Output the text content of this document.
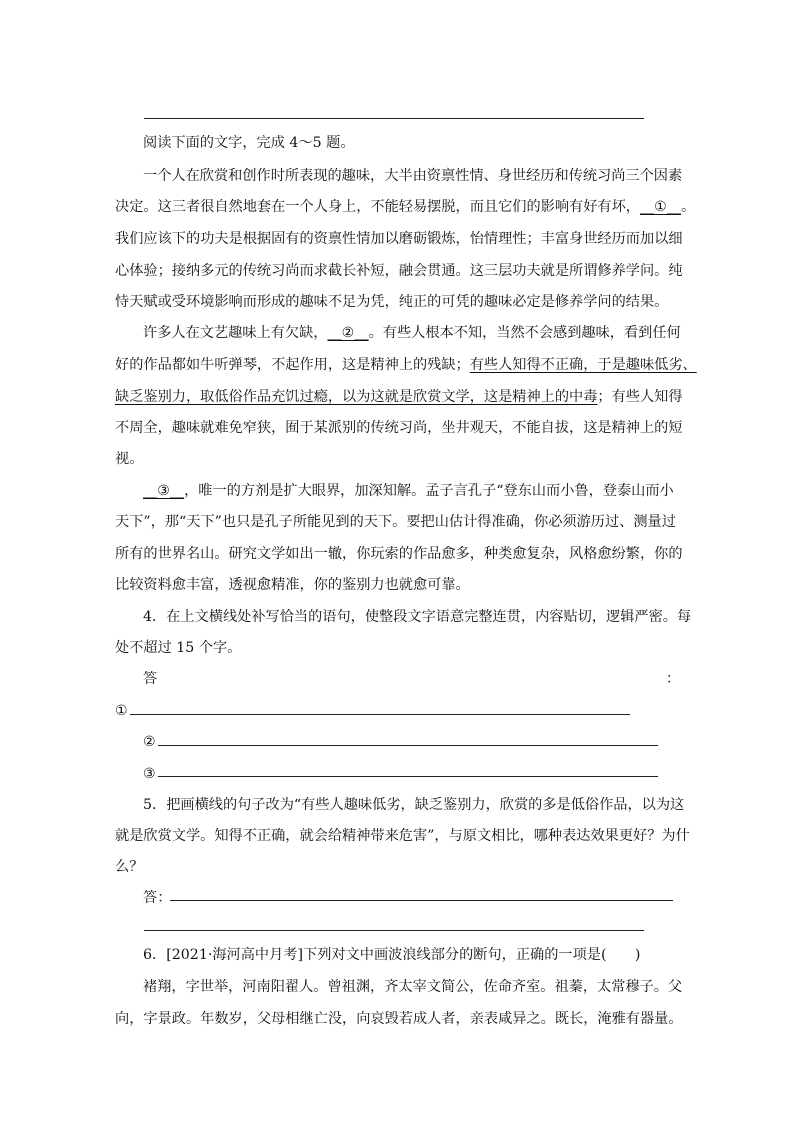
阅读下面的文字，完成 4～5 题。
一个人在欣赏和创作时所表现的趣味，大半由资禀性情、身世经历和传统习尚三个因素
决定。这三者很自然地套在一个人身上，不能轻易摆脱，而且它们的影响有好有坏，__①__。
我们应该下的功夫是根据固有的资禀性情加以磨砺锻炼，怡情理性；丰富身世经历而加以细
心体验；接纳多元的传统习尚而求截长补短，融会贯通。这三层功夫就是所谓修养学问。纯
恃天赋或受环境影响而形成的趣味不足为凭，纯正的可凭的趣味必定是修养学问的结果。
许多人在文艺趣味上有欠缺，__②__。有些人根本不知，当然不会感到趣味，看到任何
好的作品都如牛听弹琴，不起作用，这是精神上的残缺；有些人知得不正确，于是趣味低劣、
缺乏鉴别力，取低俗作品充饥过瘾，以为这就是欣赏文学，这是精神上的中毒；有些人知得
不周全，趣味就难免窄狭，囿于某派别的传统习尚，坐井观天，不能自拔，这是精神上的短
视。
__③__，唯一的方剂是扩大眼界，加深知解。孟子言孔子“登东山而小鲁，登泰山而小
天下”，那“天下”也只是孔子所能见到的天下。要把山估计得准确，你必须游历过、测量过
所有的世界名山。研究文学如出一辙，你玩索的作品愈多，种类愈复杂，风格愈纷繁，你的
比较资料愈丰富，透视愈精准，你的鉴别力也就愈可靠。
4．在上文横线处补写恰当的语句，使整段文字语意完整连贯，内容贴切，逻辑严密。每
处不超过 15 个字。
答	：
①
②
③
5．把画横线的句子改为“有些人趣味低劣，缺乏鉴别力，欣赏的多是低俗作品，以为这
就是欣赏文学。知得不正确，就会给精神带来危害”，与原文相比，哪种表达效果更好？为什
么？
答：
6．[2021·海河高中月考]下列对文中画波浪线部分的断句，正确的一项是(　　)
褚翔，字世举，河南阳翟人。曾祖渊，齐太宰文简公，佐命齐室。祖蓁，太常穆子。父
向，字景政。年数岁，父母相继亡没，向哀毁若成人者，亲表咸异之。既长，淹雅有器量。
